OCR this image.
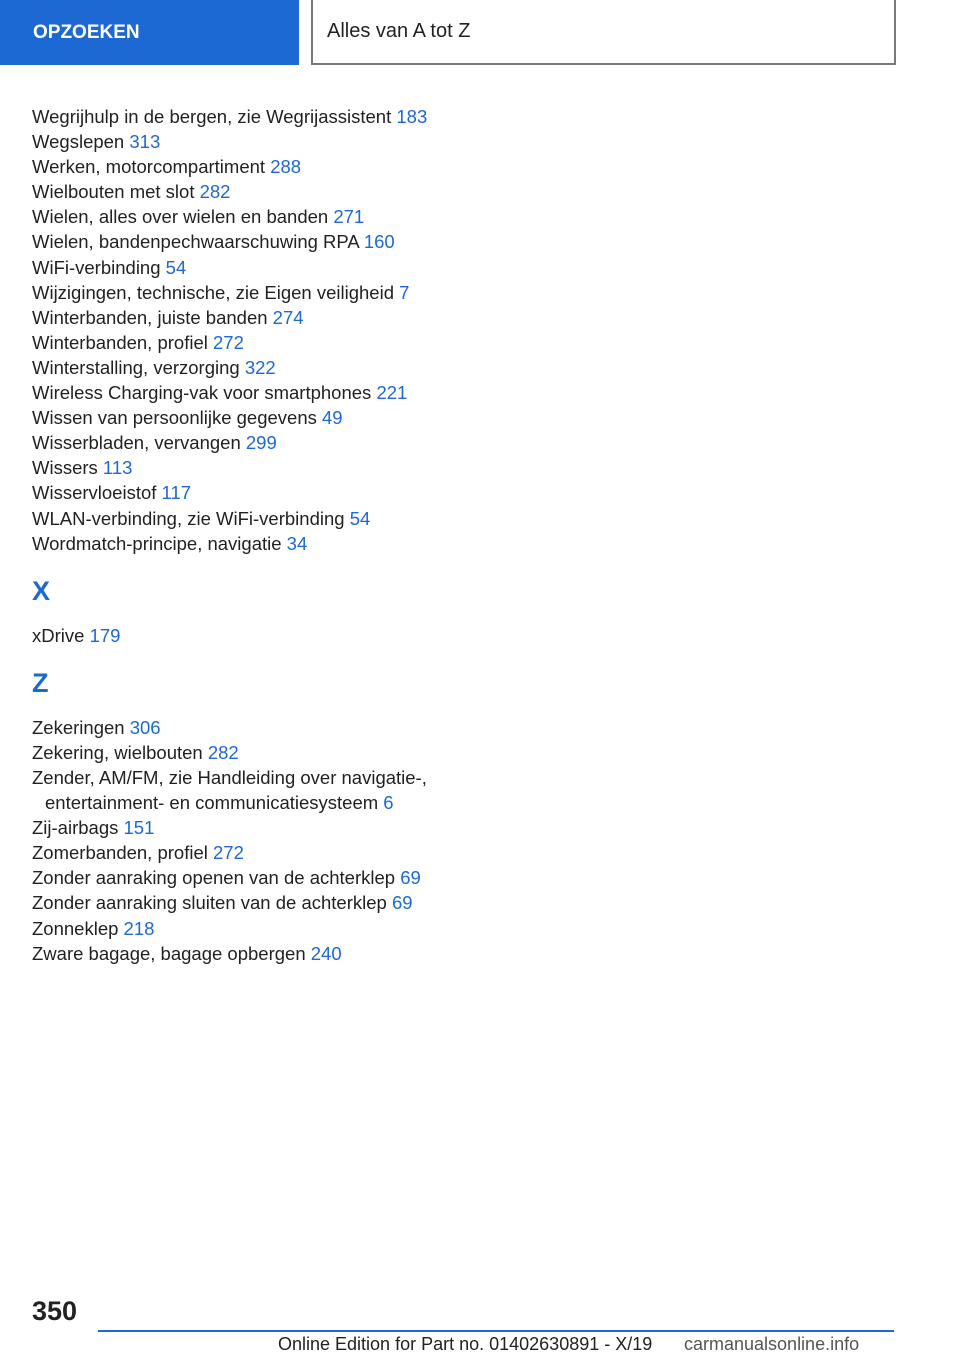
OPZOEKEN	Alles van A tot Z
Wegrijhulp in de bergen, zie Wegrijassistent 183
Wegslepen 313
Werken, motorcompartiment 288
Wielbouten met slot 282
Wielen, alles over wielen en banden 271
Wielen, bandenpechwaarschuwing RPA 160
WiFi-verbinding 54
Wijzigingen, technische, zie Eigen veiligheid 7
Winterbanden, juiste banden 274
Winterbanden, profiel 272
Winterstalling, verzorging 322
Wireless Charging-vak voor smartphones 221
Wissen van persoonlijke gegevens 49
Wisserbladen, vervangen 299
Wissers 113
Wisservloeistof 117
WLAN-verbinding, zie WiFi-verbinding 54
Wordmatch-principe, navigatie 34
X
xDrive 179
Z
Zekeringen 306
Zekering, wielbouten 282
Zender, AM/FM, zie Handleiding over navigatie-,
entertainment- en communicatiesysteem 6
Zij-airbags 151
Zomerbanden, profiel 272
Zonder aanraking openen van de achterklep 69
Zonder aanraking sluiten van de achterklep 69
Zonneklep 218
Zware bagage, bagage opbergen 240
350
Online Edition for Part no. 01402630891 - X/19 carmanualsonline.info
